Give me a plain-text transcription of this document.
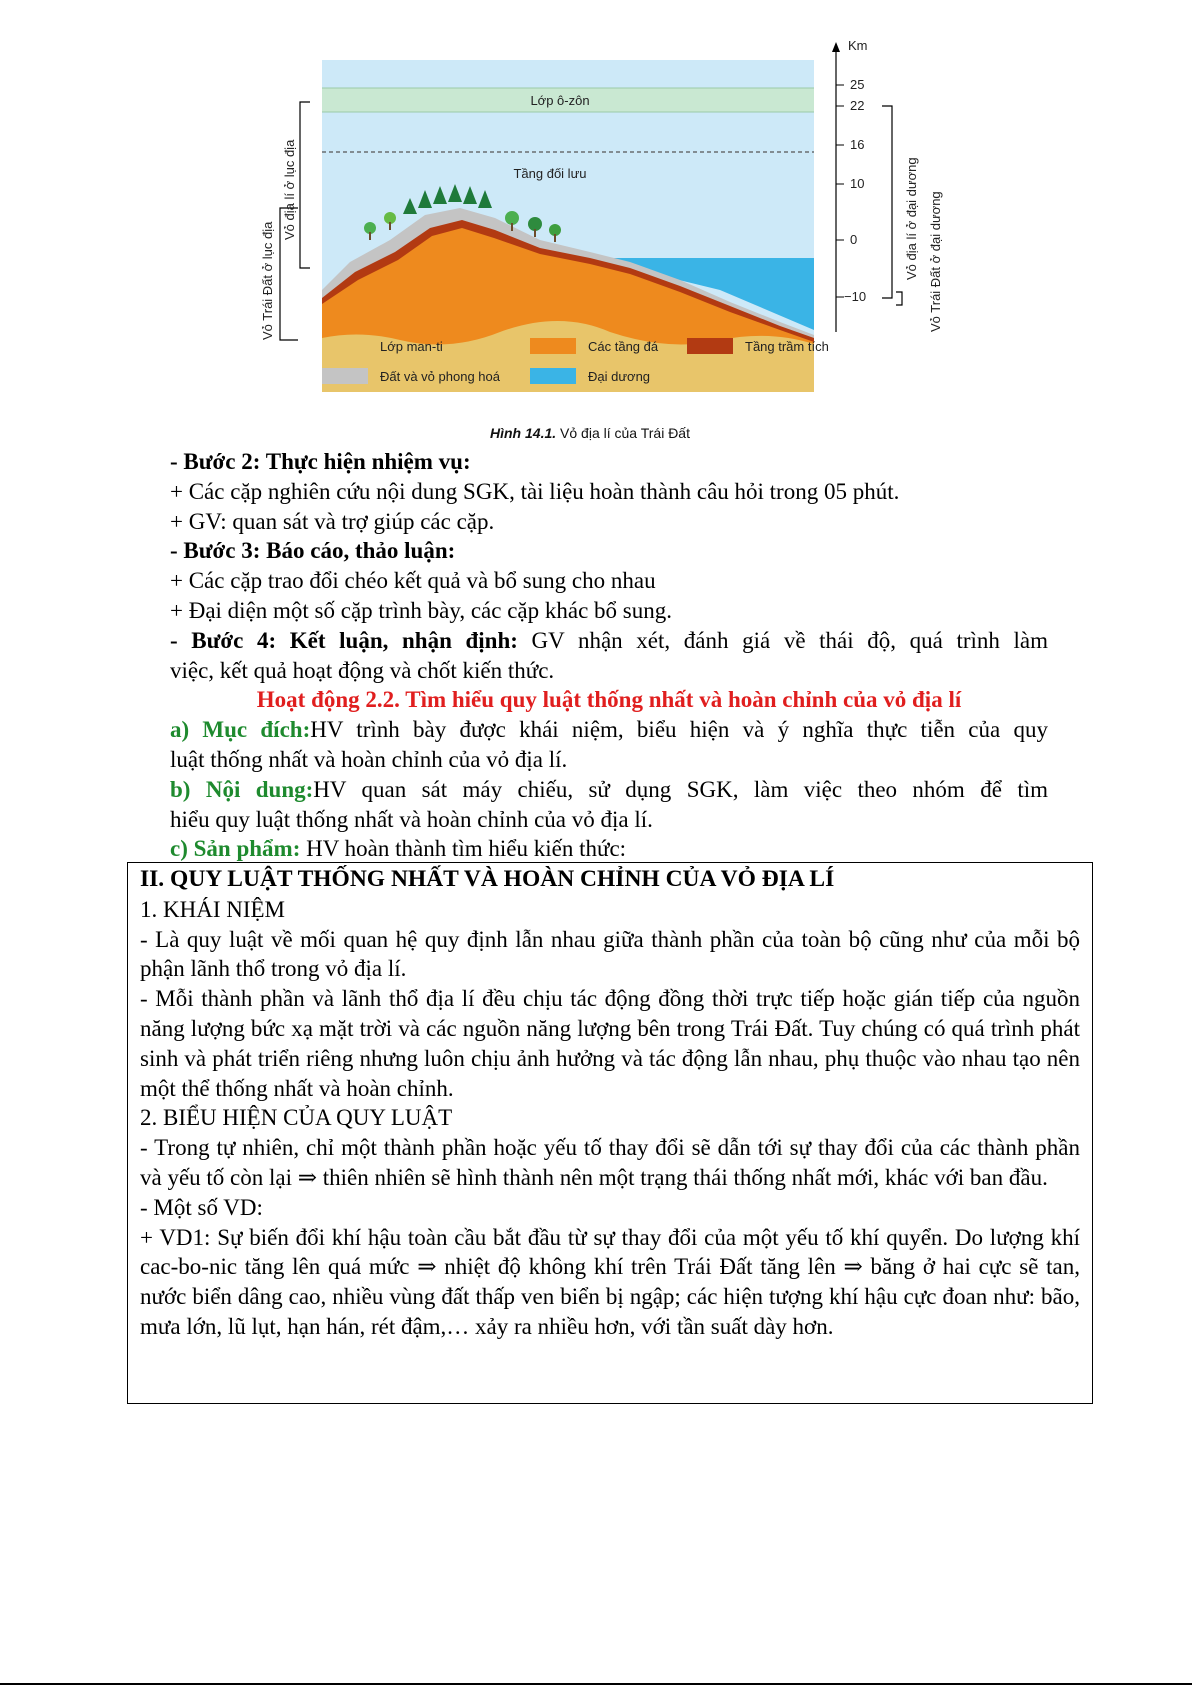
Lớp ô-zôn
Tầng đối lưu
Vỏ địa lí ở lục địa
Vỏ Trái Đất ở lục địa
Km
25
22
16
10
0
−10
Vỏ địa lí ở đại dương Vỏ Trái Đất ở đại dương
Lớp man-ti	Các tầng đá	Tầng trầm tích
Đất và vỏ phong hoá	Đại dương
Hình 14.1. Vỏ địa lí của Trái Đất
- Bước 2: Thực hiện nhiệm vụ:
+ Các cặp nghiên cứu nội dung SGK, tài liệu hoàn thành câu hỏi trong 05 phút.
+ GV: quan sát và trợ giúp các cặp.
- Bước 3: Báo cáo, thảo luận:
+ Các cặp trao đổi chéo kết quả và bổ sung cho nhau
+ Đại diện một số cặp trình bày, các cặp khác bổ sung.
- Bước 4: Kết luận, nhận định: GV nhận xét, đánh giá về thái độ, quá trình làm
việc, kết quả hoạt động và chốt kiến thức.
Hoạt động 2.2. Tìm hiểu quy luật thống nhất và hoàn chỉnh của vỏ địa lí
a) Mục đích:HV trình bày được khái niệm, biểu hiện và ý nghĩa thực tiễn của quy
luật thống nhất và hoàn chỉnh của vỏ địa lí.
b) Nội dung:HV quan sát máy chiếu, sử dụng SGK, làm việc theo nhóm để tìm
hiểu quy luật thống nhất và hoàn chỉnh của vỏ địa lí.
c) Sản phẩm: HV hoàn thành tìm hiểu kiến thức:
II. QUY LUẬT THỐNG NHẤT VÀ HOÀN CHỈNH CỦA VỎ ĐỊA LÍ
1. KHÁI NIỆM
- Là quy luật về mối quan hệ quy định lẫn nhau giữa thành phần của toàn bộ cũng như của mỗi bộ phận lãnh thổ trong vỏ địa lí.
- Mỗi thành phần và lãnh thổ địa lí đều chịu tác động đồng thời trực tiếp hoặc gián tiếp của nguồn năng lượng bức xạ mặt trời và các nguồn năng lượng bên trong Trái Đất. Tuy chúng có quá trình phát sinh và phát triển riêng nhưng luôn chịu ảnh hưởng và tác động lẫn nhau, phụ thuộc vào nhau tạo nên một thể thống nhất và hoàn chỉnh.
2. BIỂU HIỆN CỦA QUY LUẬT
- Trong tự nhiên, chỉ một thành phần hoặc yếu tố thay đổi sẽ dẫn tới sự thay đổi của các thành phần và yếu tố còn lại ⇒ thiên nhiên sẽ hình thành nên một trạng thái thống nhất mới, khác với ban đầu.
- Một số VD:
+ VD1: Sự biến đổi khí hậu toàn cầu bắt đầu từ sự thay đổi của một yếu tố khí quyển. Do lượng khí cac-bo-nic tăng lên quá mức ⇒ nhiệt độ không khí trên Trái Đất tăng lên ⇒ băng ở hai cực sẽ tan, nước biển dâng cao, nhiều vùng đất thấp ven biển bị ngập; các hiện tượng khí hậu cực đoan như: bão, mưa lớn, lũ lụt, hạn hán, rét đậm,… xảy ra nhiều hơn, với tần suất dày hơn.
